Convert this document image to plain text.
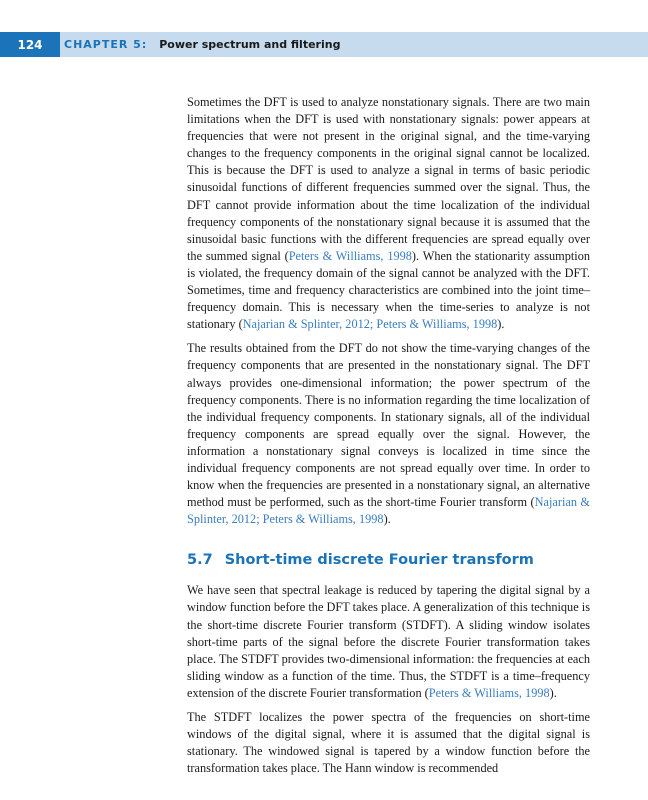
124	CHAPTER 5: Power spectrum and filtering

Sometimes the DFT is used to analyze nonstationary signals. There are two main limitations when the DFT is used with nonstationary signals: power appears at frequencies that were not present in the original signal, and the time-varying changes to the frequency components in the original signal cannot be localized. This is because the DFT is used to analyze a signal in terms of basic periodic sinusoidal functions of different frequencies summed over the signal. Thus, the DFT cannot provide information about the time localization of the individual frequency components of the nonstationary signal because it is assumed that the sinusoidal basic functions with the different frequencies are spread equally over the summed signal (Peters & Williams, 1998). When the stationarity assumption is violated, the frequency domain of the signal cannot be analyzed with the DFT. Sometimes, time and frequency characteristics are combined into the joint time–frequency domain. This is necessary when the time-series to analyze is not stationary (Najarian & Splinter, 2012; Peters & Williams, 1998).

The results obtained from the DFT do not show the time-varying changes of the frequency components that are presented in the nonstationary signal. The DFT always provides one-dimensional information; the power spectrum of the frequency components. There is no information regarding the time localization of the individual frequency components. In stationary signals, all of the individual frequency components are spread equally over the signal. However, the information a nonstationary signal conveys is localized in time since the individual frequency components are not spread equally over time. In order to know when the frequencies are presented in a nonstationary signal, an alternative method must be performed, such as the short-time Fourier transform (Najarian & Splinter, 2012; Peters & Williams, 1998).

5.7 Short-time discrete Fourier transform

We have seen that spectral leakage is reduced by tapering the digital signal by a window function before the DFT takes place. A generalization of this technique is the short-time discrete Fourier transform (STDFT). A sliding window isolates short-time parts of the signal before the discrete Fourier transformation takes place. The STDFT provides two-dimensional information: the frequencies at each sliding window as a function of the time. Thus, the STDFT is a time–frequency extension of the discrete Fourier transformation (Peters & Williams, 1998).

The STDFT localizes the power spectra of the frequencies on short-time windows of the digital signal, where it is assumed that the digital signal is stationary. The windowed signal is tapered by a window function before the transformation takes place. The Hann window is recommended
